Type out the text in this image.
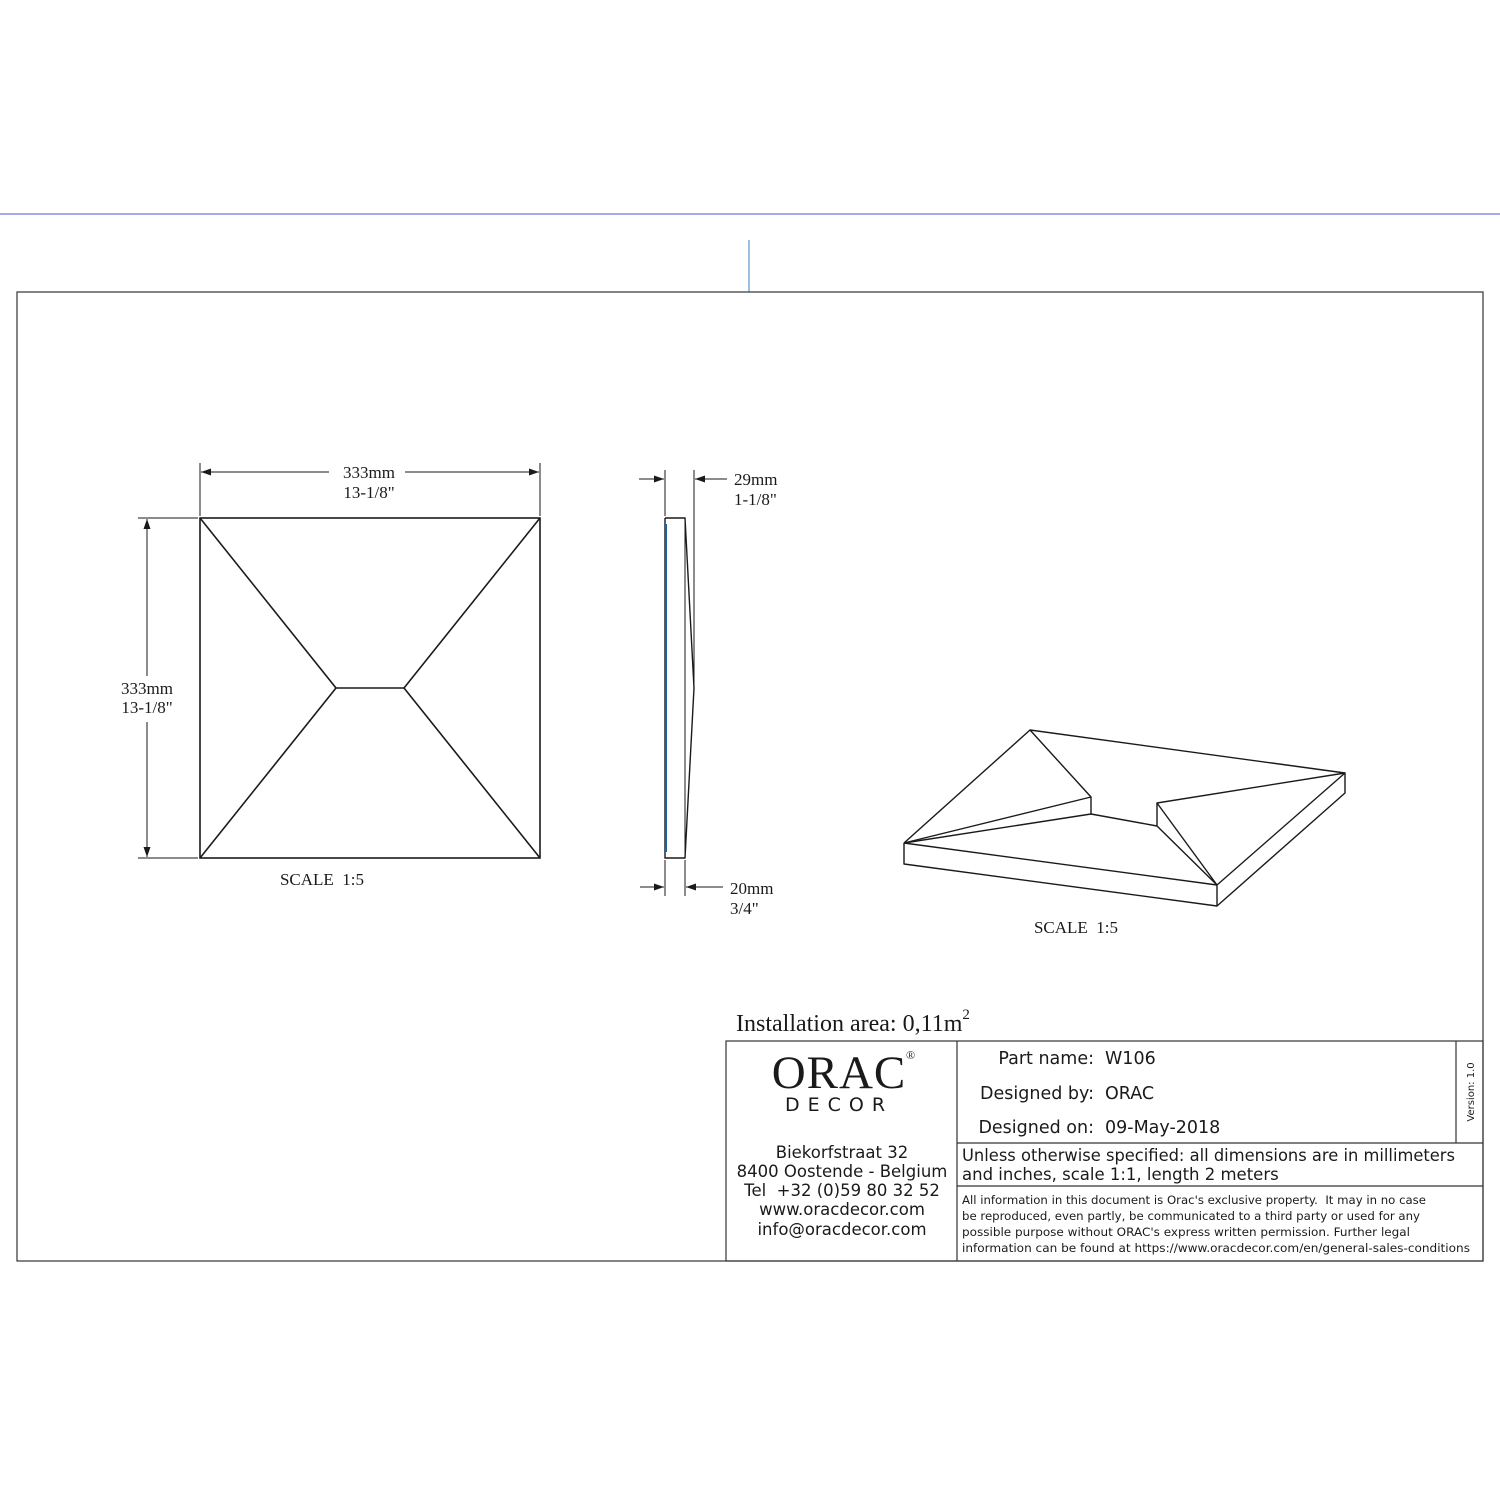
333mm
13-1/8"
333mm
13-1/8"
SCALE  1:5
29mm
1-1/8"
20mm
3/4"
SCALE  1:5
Installation area: $0,11m^2$
ORAC ®
DECOR
Biekorfstraat 32
8400 Oostende - Belgium
Tel  +32 (0)59 80 32 52
www.oracdecor.com
info@oracdecor.com
Part name: W106
Designed by: ORAC
Designed on: 09-May-2018
Version: 1.0
Unless otherwise specified: all dimensions are in millimeters
and inches, scale 1:1, length 2 meters
All information in this document is Orac's exclusive property.  It may in no case
be reproduced, even partly, be communicated to a third party or used for any
possible purpose without ORAC's express written permission. Further legal
information can be found at https://www.oracdecor.com/en/general-sales-conditions
